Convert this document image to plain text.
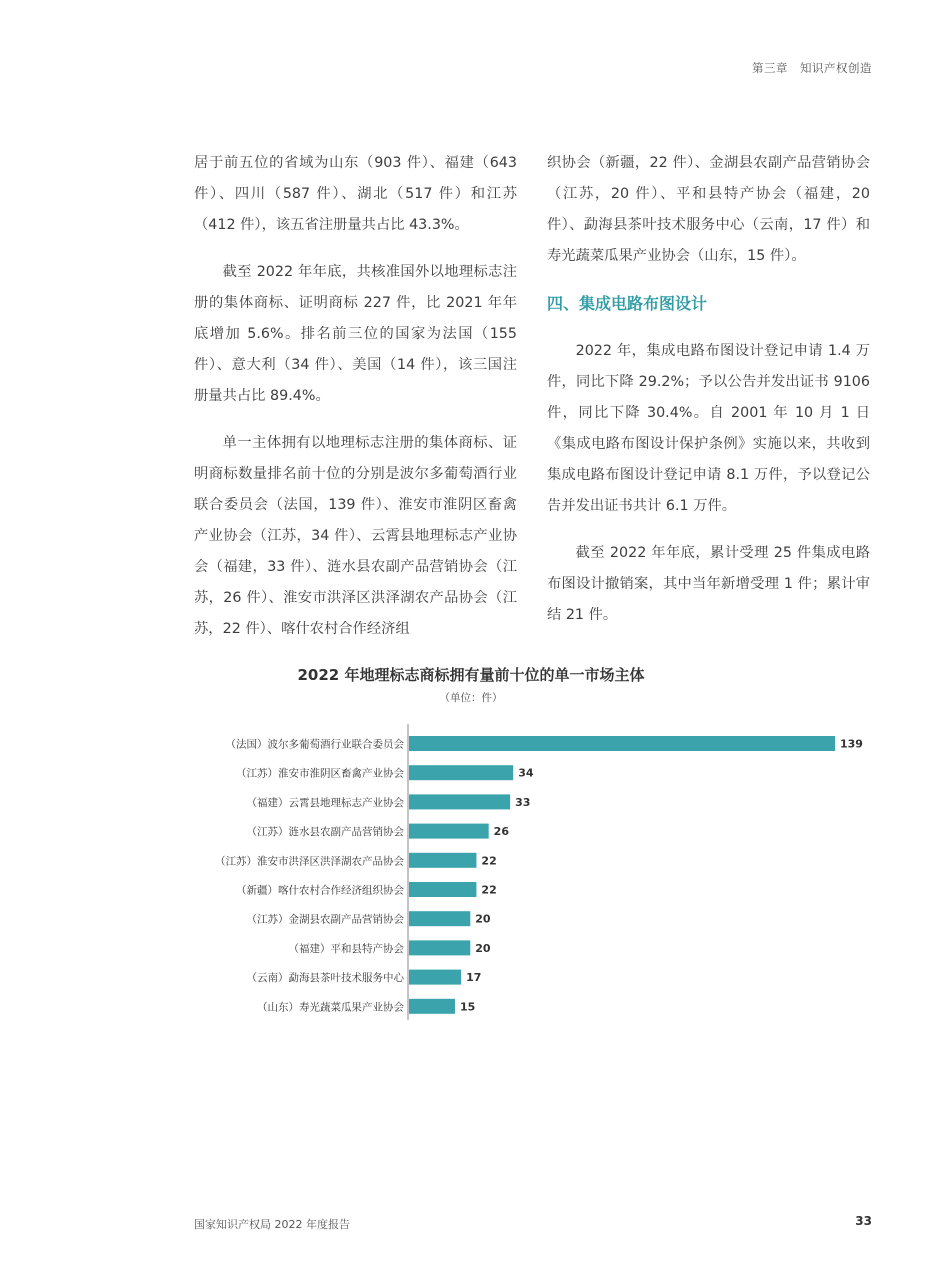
第三章　知识产权创造

居于前五位的省域为山东（903 件）、福建（643 件）、四川（587 件）、湖北（517 件）和江苏（412 件），该五省注册量共占比 43.3%。

截至 2022 年年底，共核准国外以地理标志注册的集体商标、证明商标 227 件，比 2021 年年底增加 5.6%。排名前三位的国家为法国（155 件）、意大利（34 件）、美国（14 件），该三国注册量共占比 89.4%。

单一主体拥有以地理标志注册的集体商标、证明商标数量排名前十位的分别是波尔多葡萄酒行业联合委员会（法国，139 件）、淮安市淮阴区畜禽产业协会（江苏，34 件）、云霄县地理标志产业协会（福建，33 件）、涟水县农副产品营销协会（江苏，26 件）、淮安市洪泽区洪泽湖农产品协会（江苏，22 件）、喀什农村合作经济组

织协会（新疆，22 件）、金湖县农副产品营销协会（江苏，20 件）、平和县特产协会（福建，20 件）、勐海县茶叶技术服务中心（云南，17 件）和寿光蔬菜瓜果产业协会（山东，15 件）。

四、集成电路布图设计

2022 年，集成电路布图设计登记申请 1.4 万件，同比下降 29.2%；予以公告并发出证书 9106 件，同比下降 30.4%。自 2001 年 10 月 1 日《集成电路布图设计保护条例》实施以来，共收到集成电路布图设计登记申请 8.1 万件，予以登记公告并发出证书共计 6.1 万件。

截至 2022 年年底，累计受理 25 件集成电路布图设计撤销案，其中当年新增受理 1 件；累计审结 21 件。

2022 年地理标志商标拥有量前十位的单一市场主体
（单位：件）
（法国）波尔多葡萄酒行业联合委员会	139
（江苏）淮安市淮阴区畜禽产业协会	34
（福建）云霄县地理标志产业协会	33
（江苏）涟水县农副产品营销协会	26
（江苏）淮安市洪泽区洪泽湖农产品协会	22
（新疆）喀什农村合作经济组织协会	22
（江苏）金湖县农副产品营销协会	20
（福建）平和县特产协会	20
（云南）勐海县茶叶技术服务中心	17
（山东）寿光蔬菜瓜果产业协会	15
国家知识产权局 2022 年度报告	33
